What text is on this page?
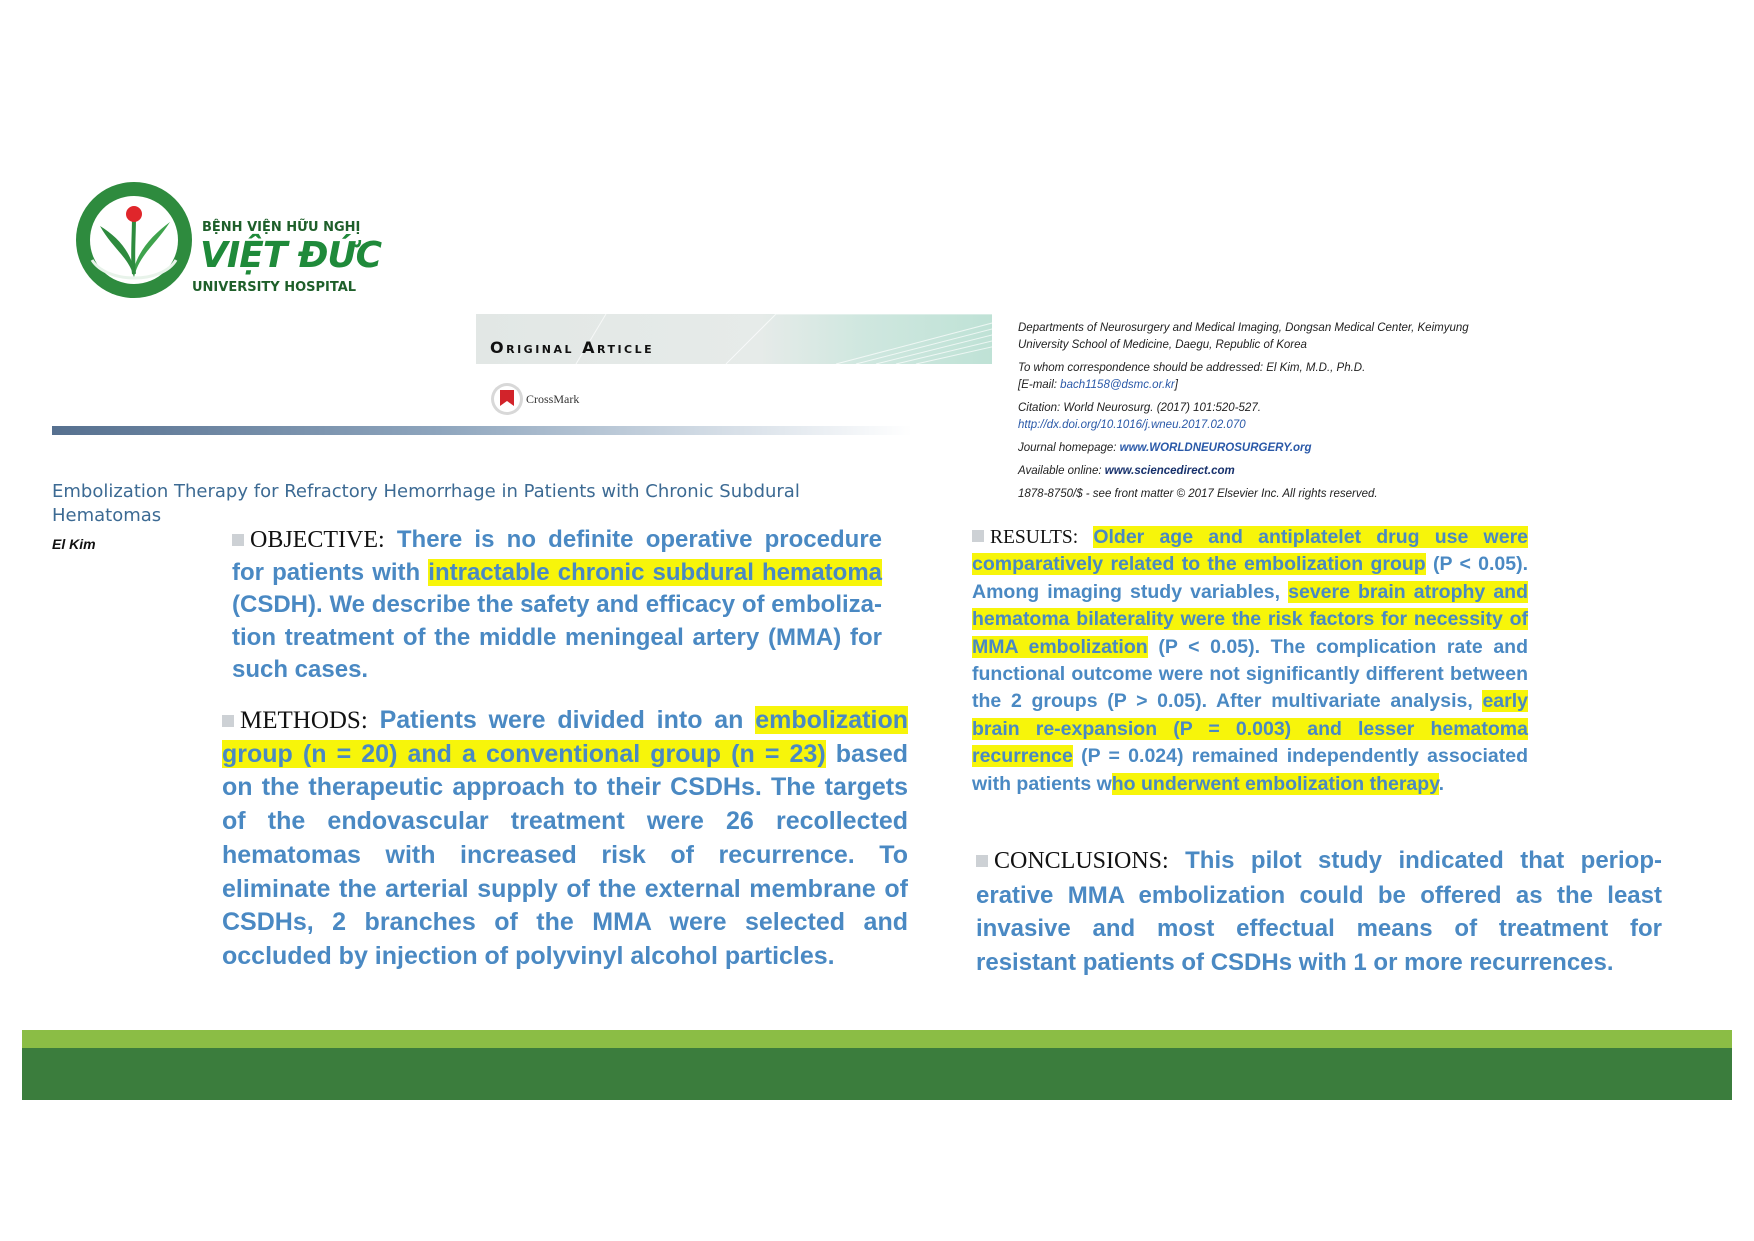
BỆNH VIỆN HỮU NGHỊ
VIỆT ĐỨC
UNIVERSITY HOSPITAL
Original Article
CrossMark
Embolization Therapy for Refractory Hemorrhage in Patients with Chronic Subdural Hematomas
El Kim	OBJECTIVE: There is no definite operative procedure for patients with intractable chronic subdural hematoma (CSDH). We describe the safety and efficacy of embolization treatment of the middle meningeal artery (MMA) for such cases.
METHODS: Patients were divided into an embolization group (n = 20) and a conventional group (n = 23) based on the therapeutic approach to their CSDHs. The targets of the endovascular treatment were 26 recollected hematomas with increased risk of recurrence. To eliminate the arterial supply of the external membrane of CSDHs, 2 branches of the MMA were selected and occluded by injection of polyvinyl alcohol particles.

Departments of Neurosurgery and Medical Imaging, Dongsan Medical Center, Keimyung University School of Medicine, Daegu, Republic of Korea

To whom correspondence should be addressed: El Kim, M.D., Ph.D.
[E-mail: bach1158@dsmc.or.kr]

Citation: World Neurosurg. (2017) 101:520-527.
http://dx.doi.org/10.1016/j.wneu.2017.02.070

Journal homepage: www.WORLDNEUROSURGERY.org

Available online: www.sciencedirect.com

1878-8750/$ - see front matter © 2017 Elsevier Inc. All rights reserved.

RESULTS: Older age and antiplatelet drug use were comparatively related to the embolization group (P < 0.05). Among imaging study variables, severe brain atrophy and hematoma bilaterality were the risk factors for necessity of MMA embolization (P < 0.05). The complication rate and functional outcome were not significantly different between the 2 groups (P > 0.05). After multivariate analysis, early brain re-expansion (P = 0.003) and lesser hematoma recurrence (P = 0.024) remained independently associated with patients who underwent embolization therapy.
CONCLUSIONS: This pilot study indicated that perioperative MMA embolization could be offered as the least invasive and most effectual means of treatment for resistant patients of CSDHs with 1 or more recurrences.
